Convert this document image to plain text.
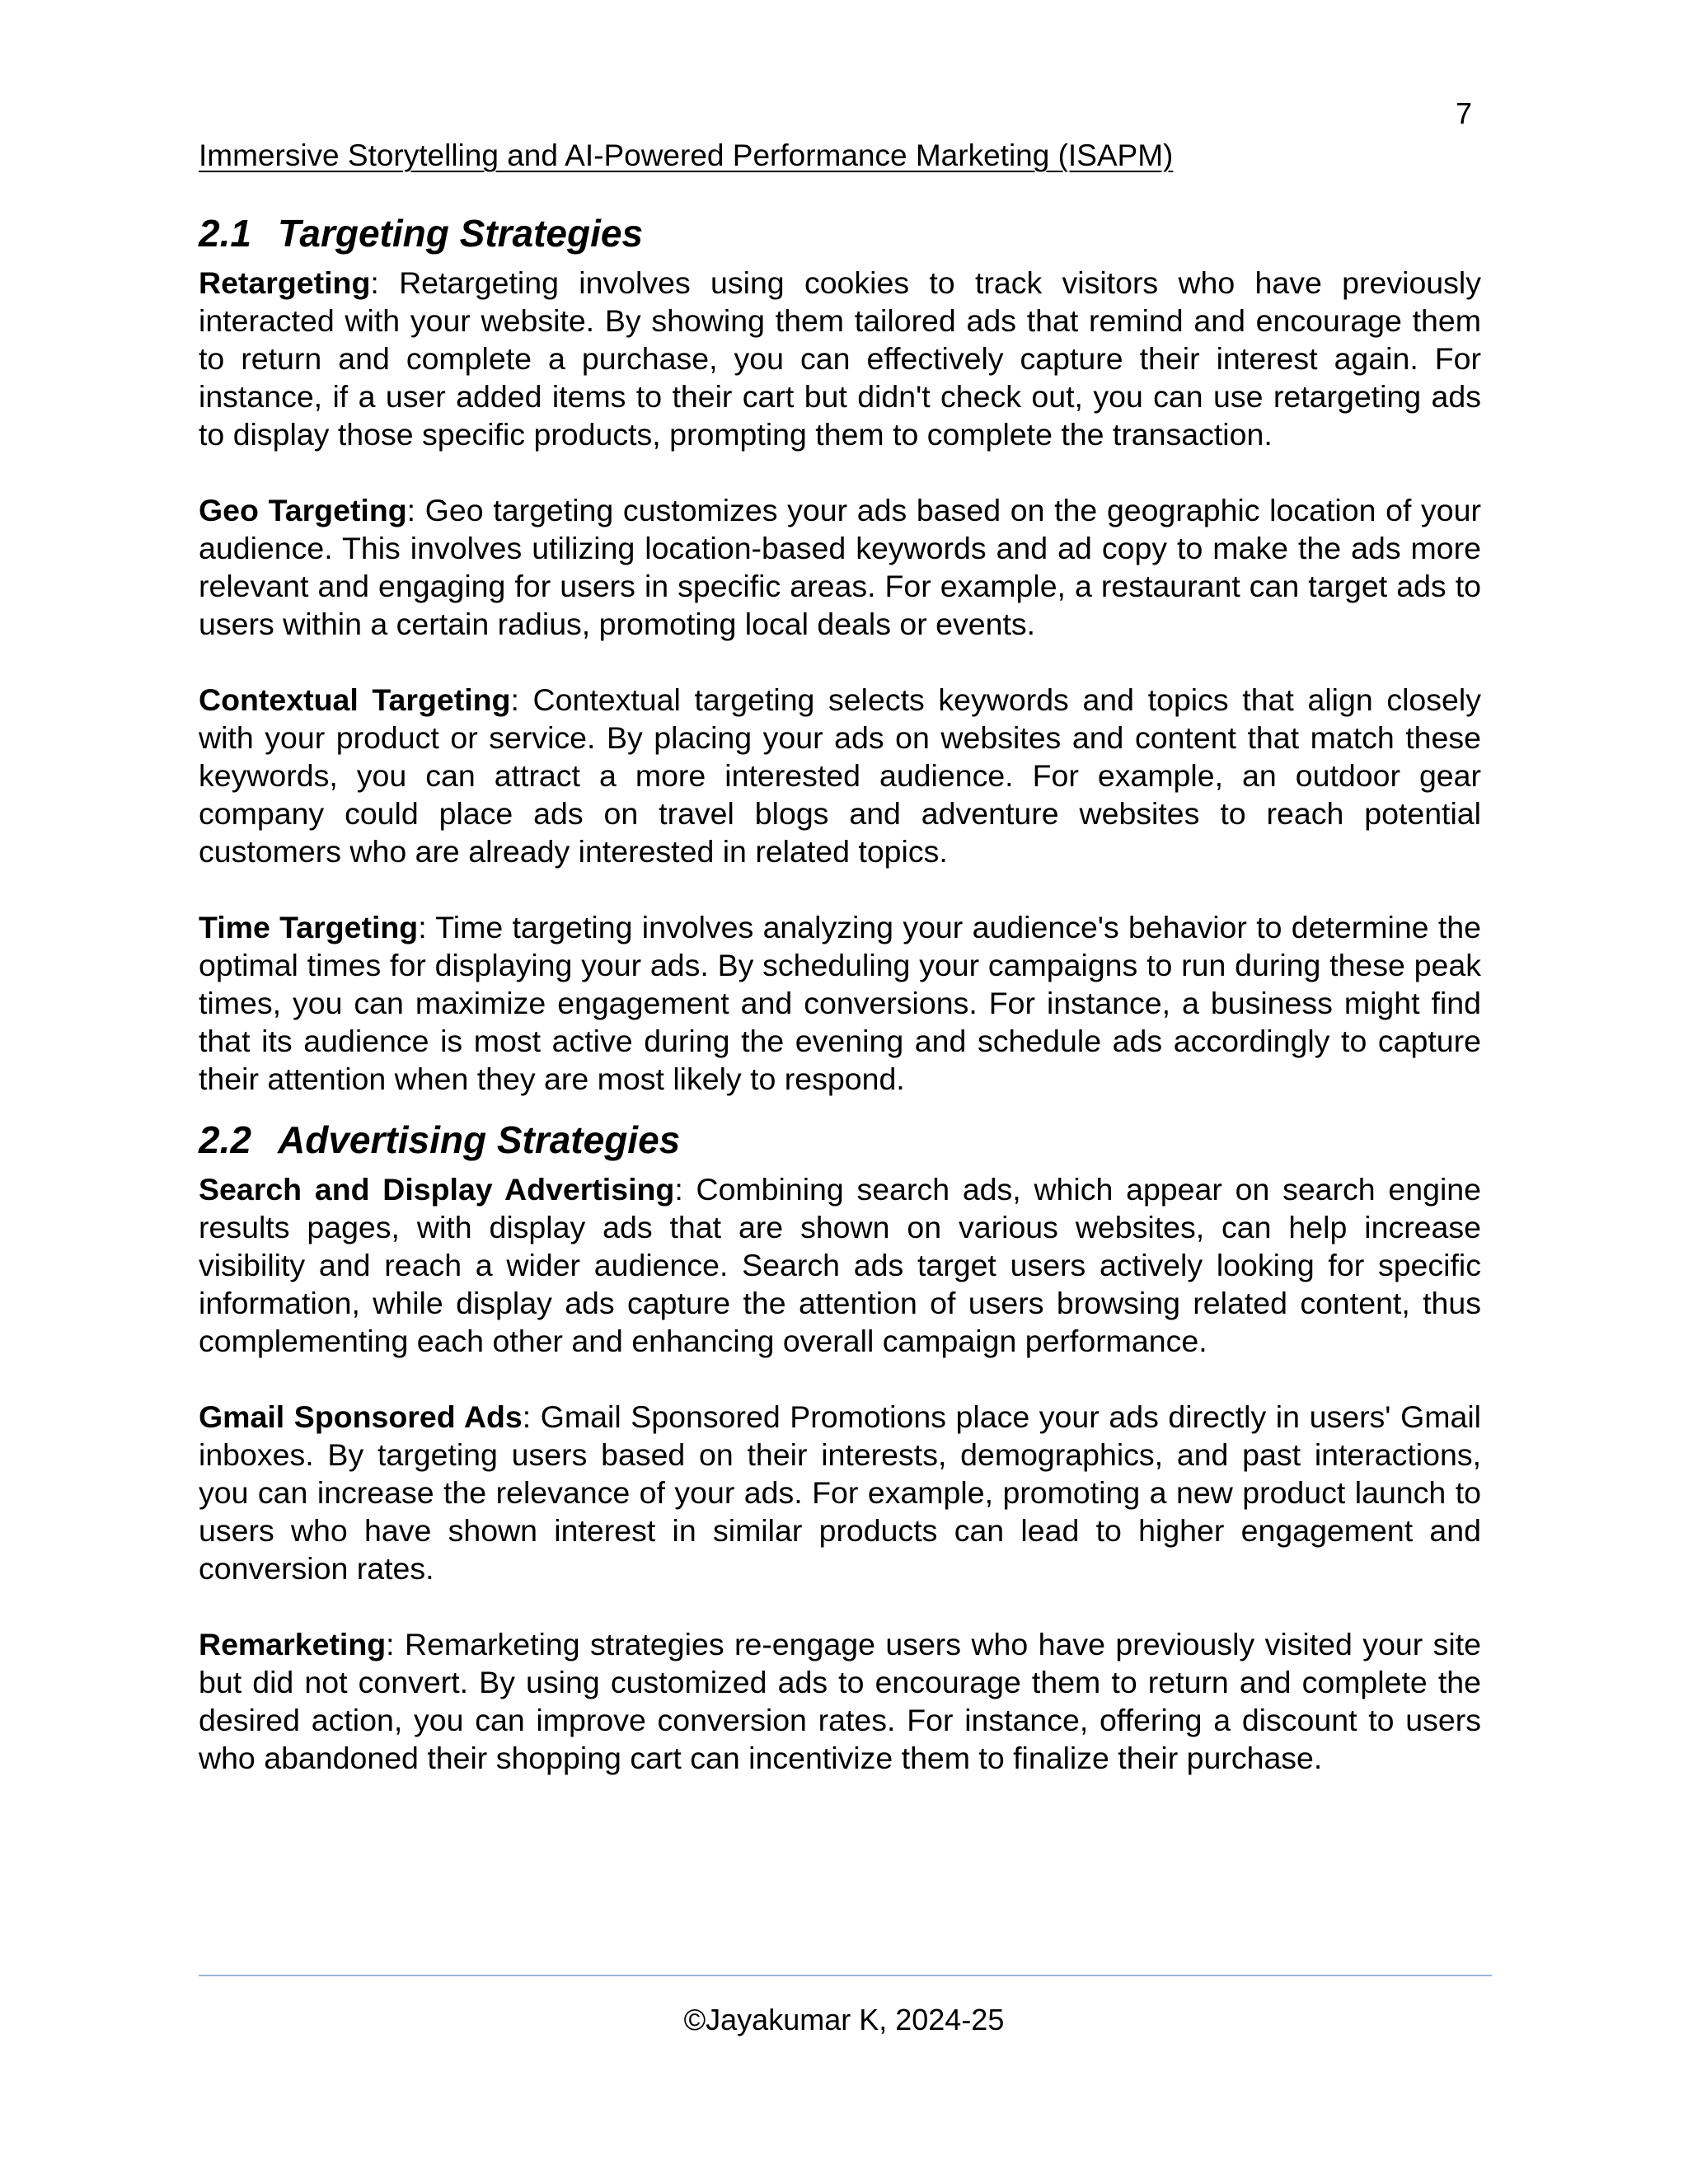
7
Immersive Storytelling and AI-Powered Performance Marketing (ISAPM)
2.1 Targeting Strategies

Retargeting: Retargeting involves using cookies to track visitors who have previously interacted with your website. By showing them tailored ads that remind and encourage them to return and complete a purchase, you can effectively capture their interest again. For instance, if a user added items to their cart but didn't check out, you can use retargeting ads to display those specific products, prompting them to complete the transaction.

Geo Targeting: Geo targeting customizes your ads based on the geographic location of your audience. This involves utilizing location-based keywords and ad copy to make the ads more relevant and engaging for users in specific areas. For example, a restaurant can target ads to users within a certain radius, promoting local deals or events.

Contextual Targeting: Contextual targeting selects keywords and topics that align closely with your product or service. By placing your ads on websites and content that match these keywords, you can attract a more interested audience. For example, an outdoor gear company could place ads on travel blogs and adventure websites to reach potential customers who are already interested in related topics.

Time Targeting: Time targeting involves analyzing your audience's behavior to determine the optimal times for displaying your ads. By scheduling your campaigns to run during these peak times, you can maximize engagement and conversions. For instance, a business might find that its audience is most active during the evening and schedule ads accordingly to capture their attention when they are most likely to respond.

2.2 Advertising Strategies

Search and Display Advertising: Combining search ads, which appear on search engine results pages, with display ads that are shown on various websites, can help increase visibility and reach a wider audience. Search ads target users actively looking for specific information, while display ads capture the attention of users browsing related content, thus complementing each other and enhancing overall campaign performance.

Gmail Sponsored Ads: Gmail Sponsored Promotions place your ads directly in users' Gmail inboxes. By targeting users based on their interests, demographics, and past interactions, you can increase the relevance of your ads. For example, promoting a new product launch to users who have shown interest in similar products can lead to higher engagement and conversion rates.

Remarketing: Remarketing strategies re-engage users who have previously visited your site but did not convert. By using customized ads to encourage them to return and complete the desired action, you can improve conversion rates. For instance, offering a discount to users who abandoned their shopping cart can incentivize them to finalize their purchase.

©Jayakumar K, 2024-25
